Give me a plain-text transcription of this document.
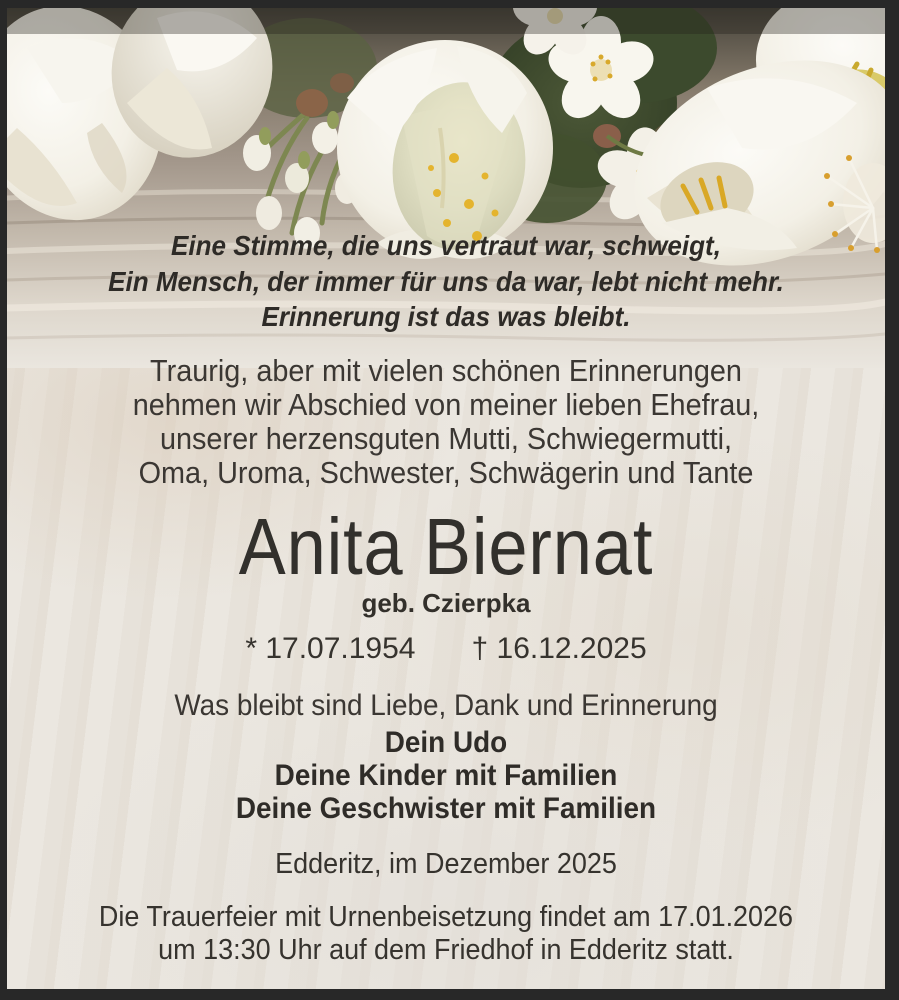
Eine Stimme, die uns vertraut war, schweigt,
Ein Mensch, der immer für uns da war, lebt nicht mehr.
Erinnerung ist das was bleibt.
Traurig, aber mit vielen schönen Erinnerungen
nehmen wir Abschied von meiner lieben Ehefrau,
unserer herzensguten Mutti, Schwiegermutti,
Oma, Uroma, Schwester, Schwägerin und Tante
Anita Biernat
geb. Czierpka
* 17.07.1954 † 16.12.2025
Was bleibt sind Liebe, Dank und Erinnerung
Dein Udo
Deine Kinder mit Familien
Deine Geschwister mit Familien
Edderitz, im Dezember 2025
Die Trauerfeier mit Urnenbeisetzung findet am 17.01.2026
um 13:30 Uhr auf dem Friedhof in Edderitz statt.
